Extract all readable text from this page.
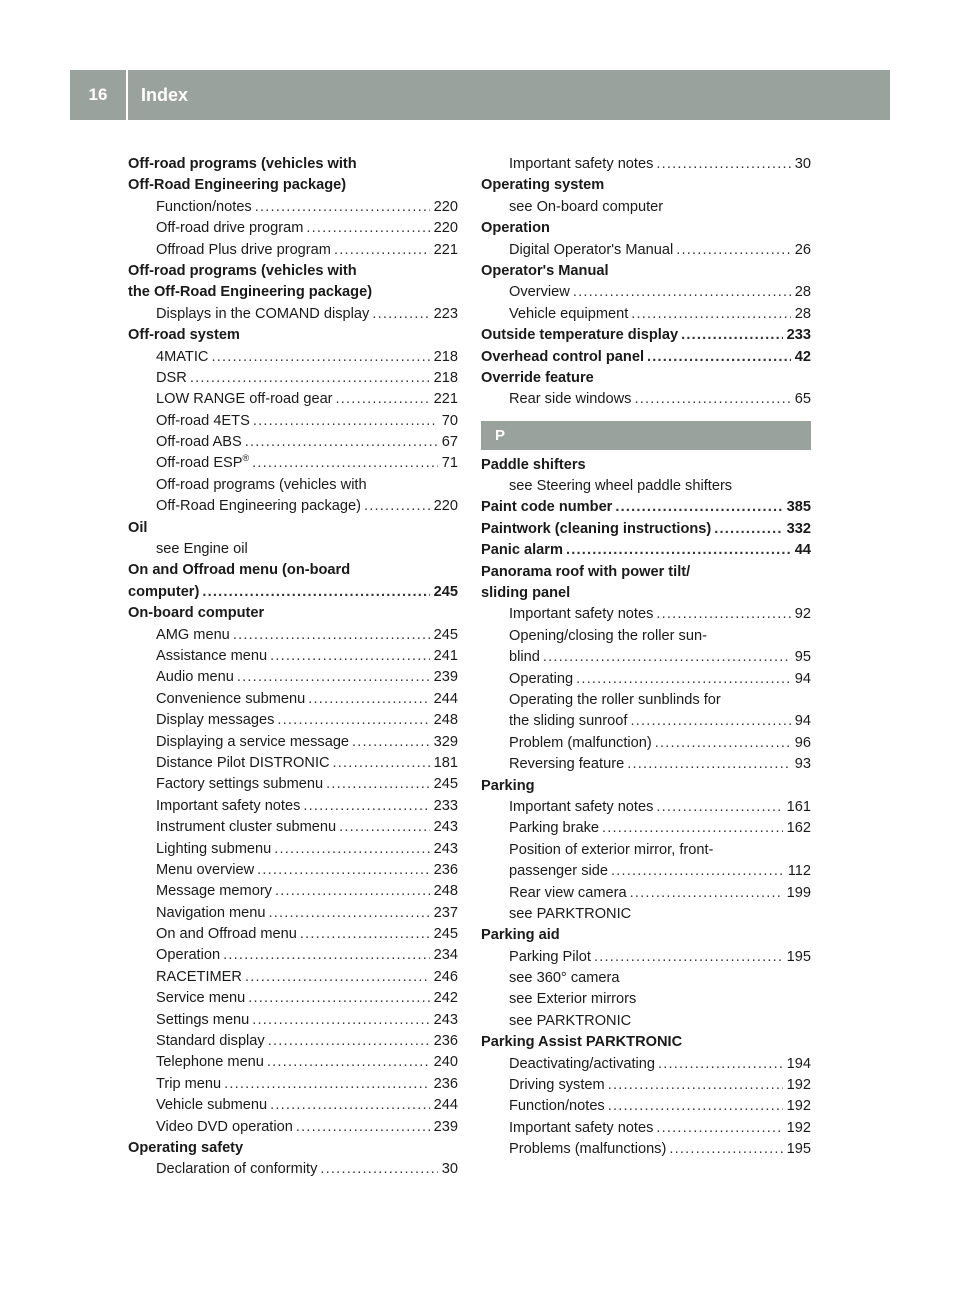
16	Index
Off-road programs (vehicles with
Off-Road Engineering package)
Function/notes .....	220
Off-road drive program .....	220
Offroad Plus drive program .....	221
Off-road programs (vehicles with
the Off-Road Engineering package)
Displays in the COMAND display .....	223
Off-road system
4MATIC .....	218
DSR .....	218
LOW RANGE off-road gear .....	221
Off-road 4ETS .....	70
Off-road ABS .....	67
Off-road ESP® .....	71
Off-road programs (vehicles with
Off-Road Engineering package) .....	220
Oil
see Engine oil
On and Offroad menu (on-board
computer) .....	245
On-board computer
AMG menu .....	245
Assistance menu .....	241
Audio menu .....	239
Convenience submenu .....	244
Display messages .....	248
Displaying a service message .....	329
Distance Pilot DISTRONIC .....	181
Factory settings submenu .....	245
Important safety notes .....	233
Instrument cluster submenu .....	243
Lighting submenu .....	243
Menu overview .....	236
Message memory .....	248
Navigation menu .....	237
On and Offroad menu .....	245
Operation .....	234
RACETIMER .....	246
Service menu .....	242
Settings menu .....	243
Standard display .....	236
Telephone menu .....	240
Trip menu .....	236
Vehicle submenu .....	244
Video DVD operation .....	239
Operating safety
Declaration of conformity .....	30
Important safety notes .....	30
Operating system
see On-board computer
Operation
Digital Operator's Manual .....	26
Operator's Manual
Overview .....	28
Vehicle equipment .....	28
Outside temperature display .....	233
Overhead control panel .....	42
Override feature
Rear side windows .....	65
P
Paddle shifters
see Steering wheel paddle shifters
Paint code number .....	385
Paintwork (cleaning instructions) .....	332
Panic alarm .....	44
Panorama roof with power tilt/
sliding panel
Important safety notes .....	92
Opening/closing the roller sun-
blind .....	95
Operating .....	94
Operating the roller sunblinds for
the sliding sunroof .....	94
Problem (malfunction) .....	96
Reversing feature .....	93
Parking
Important safety notes .....	161
Parking brake .....	162
Position of exterior mirror, front-
passenger side .....	112
Rear view camera .....	199
see PARKTRONIC
Parking aid
Parking Pilot .....	195
see 360° camera
see Exterior mirrors
see PARKTRONIC
Parking Assist PARKTRONIC
Deactivating/activating .....	194
Driving system .....	192
Function/notes .....	192
Important safety notes .....	192
Problems (malfunctions) .....	195
